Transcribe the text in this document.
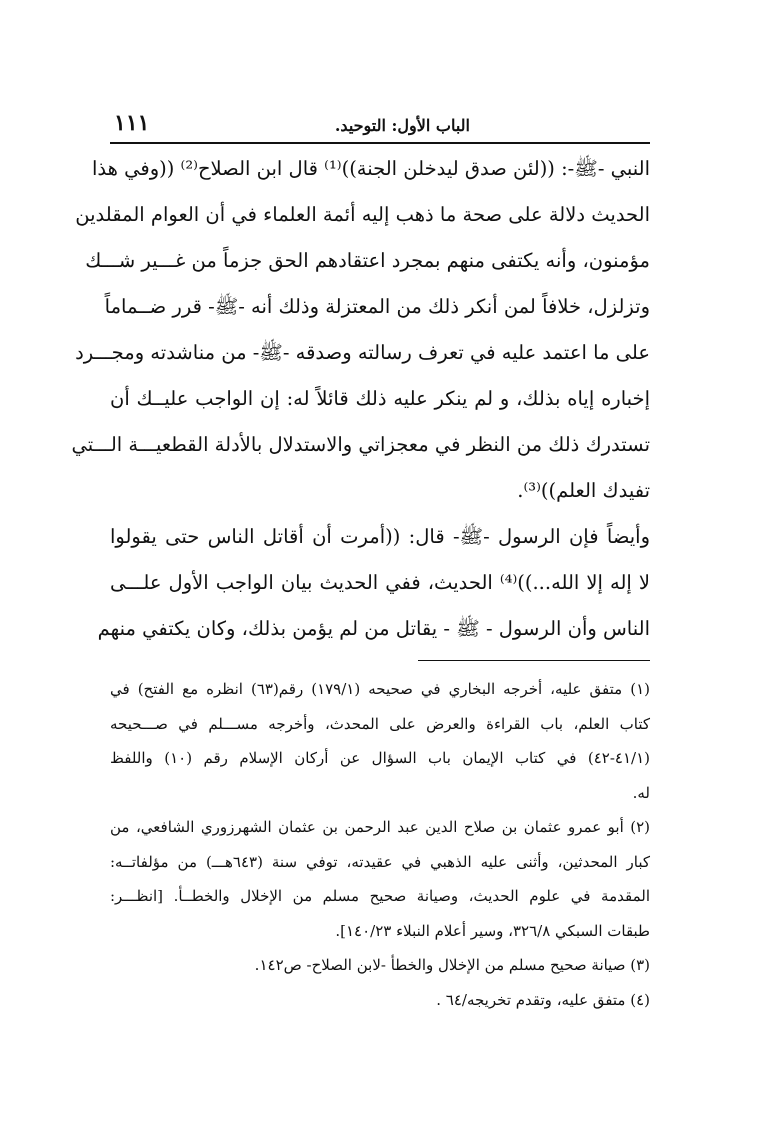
الباب الأول: التوحيد.
١١١
النبي -ﷺ-: ((لئن صدق ليدخلن الجنة))⁽¹⁾ قال ابن الصلاح⁽²⁾ ((وفي هذا
الحديث دلالة على صحة ما ذهب إليه أئمة العلماء في أن العوام المقلدين
مؤمنون، وأنه يكتفى منهم بمجرد اعتقادهم الحق جزماً من غـــير شـــك
وتزلزل، خلافاً لمن أنكر ذلك من المعتزلة وذلك أنه -ﷺ- قرر ضــماماً
على ما اعتمد عليه في تعرف رسالته وصدقه -ﷺ- من مناشدته ومجـــرد
إخباره إياه بذلك، و لم ينكر عليه ذلك قائلاً له: إن الواجب عليــك أن
تستدرك ذلك من النظر في معجزاتي والاستدلال بالأدلة القطعيـــة الـــتي
تفيدك العلم))⁽³⁾.
وأيضاً فإن الرسول -ﷺ- قال: ((أمرت أن أقاتل الناس حتى يقولوا
لا إله إلا الله...))⁽⁴⁾ الحديث، ففي الحديث بيان الواجب الأول علـــى
الناس وأن الرسول - ﷺ - يقاتل من لم يؤمن بذلك، وكان يكتفي منهم
(١) متفق عليه، أخرجه البخاري في صحيحه (١٧٩/١) رقم(٦٣) انظره مع الفتح) في
كتاب العلم، باب القراءة والعرض على المحدث، وأخرجه مســـلم في صـــحيحه
(٤١/١-٤٢) في كتاب الإيمان باب السؤال عن أركان الإسلام رقم (١٠) واللفظ
له.
(٢) أبو عمرو عثمان بن صلاح الدين عبد الرحمن بن عثمان الشهرزوري الشافعي، من
كبار المحدثين، وأثنى عليه الذهبي في عقيدته، توفي سنة (٦٤٣هـــ) من مؤلفاتــه:
المقدمة في علوم الحديث، وصيانة صحيح مسلم من الإخلال والخطــأ. [انظـــر:
طبقات السبكي ٣٢٦/٨، وسير أعلام النبلاء ١٤٠/٢٣].
(٣) صيانة صحيح مسلم من الإخلال والخطأ -لابن الصلاح- ص١٤٢.
(٤) متفق عليه، وتقدم تخريجه/٦٤ .
